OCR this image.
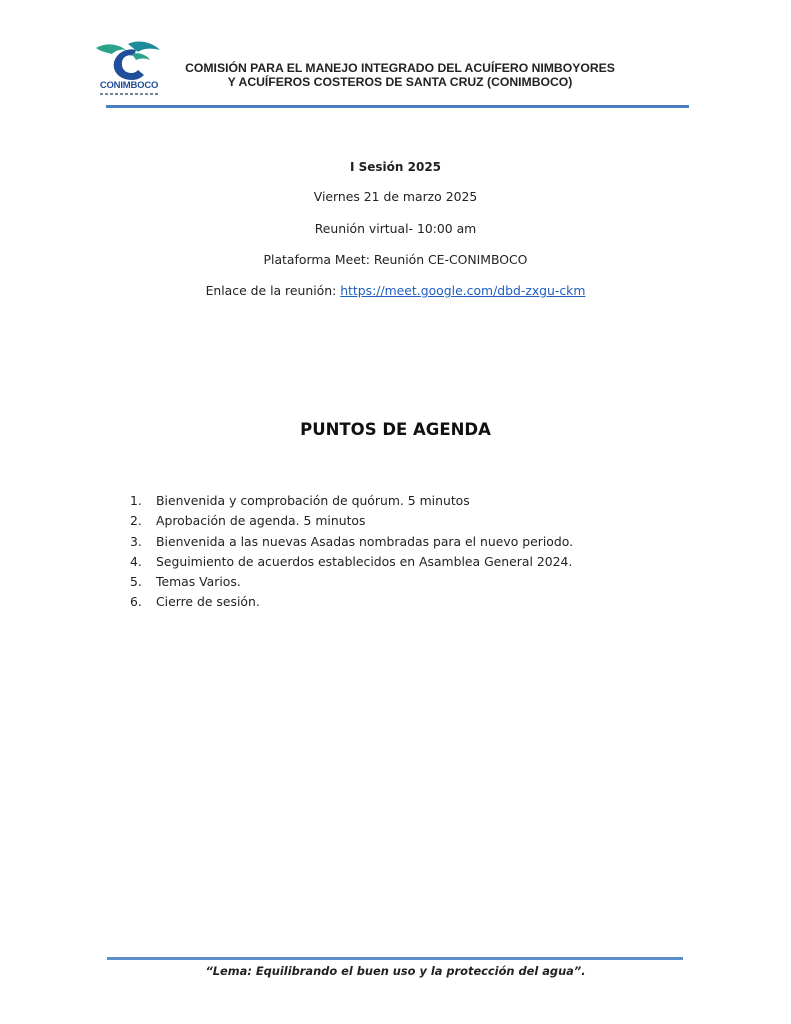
CONIMBOCO
COMISIÓN PARA EL MANEJO INTEGRADO DEL ACUÍFERO NIMBOYORES
Y ACUÍFEROS COSTEROS DE SANTA CRUZ (CONIMBOCO)
I Sesión 2025
Viernes 21 de marzo 2025
Reunión virtual- 10:00 am
Plataforma Meet: Reunión CE-CONIMBOCO
Enlace de la reunión: https://meet.google.com/dbd-zxgu-ckm
PUNTOS DE AGENDA
1. Bienvenida y comprobación de quórum. 5 minutos
2. Aprobación de agenda. 5 minutos
3. Bienvenida a las nuevas Asadas nombradas para el nuevo periodo.
4. Seguimiento de acuerdos establecidos en Asamblea General 2024.
5. Temas Varios.
6. Cierre de sesión.
“Lema: Equilibrando el buen uso y la protección del agua”.
